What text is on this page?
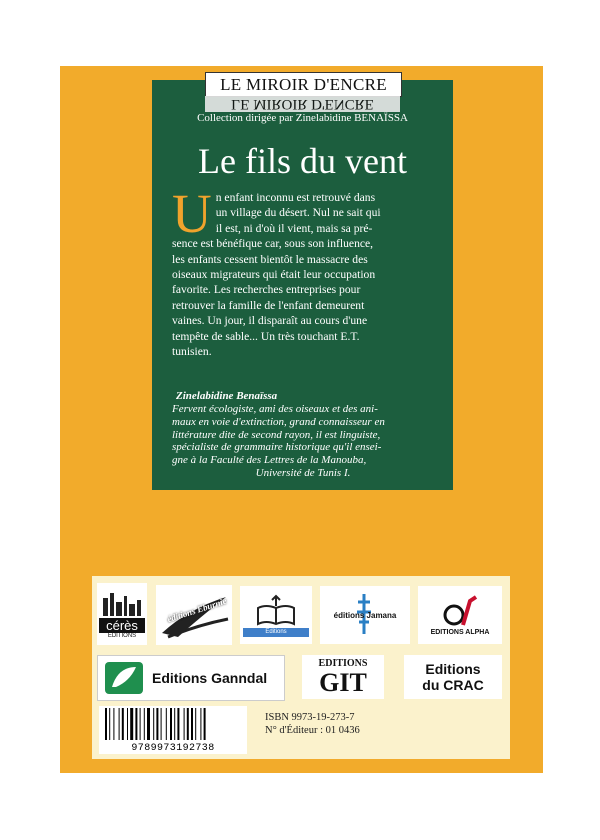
LE MIROIR D'ENCRE
LE MIROIR D'ENCRE
Collection dirigée par Zinelabidine BENAÏSSA
Le fils du vent
U n enfant inconnu est retrouvé dans
un village du désert. Nul ne sait qui
il est, ni d'où il vient, mais sa pré-
sence est bénéfique car, sous son influence,
les enfants cessent bientôt le massacre des
oiseaux migrateurs qui était leur occupation
favorite. Les recherches entreprises pour
retrouver la famille de l'enfant demeurent
vaines. Un jour, il disparaît au cours d'une
tempête de sable... Un très touchant E.T.
tunisien.
Zinelabidine Benaïssa
Fervent écologiste, ami des oiseaux et des ani-
maux en voie d'extinction, grand connaisseur en
littérature dite de second rayon, il est linguiste,
spécialiste de grammaire historique qu'il ensei-
gne à la Faculté des Lettres de la Manouba,
Université de Tunis I.
cérès
EDITIONS
éditions Eburnie
Editions
éditions Jamana
EDITIONS ALPHA
Editions Ganndal
EDITIONS
GIT	Editions
du CRAC
9789973192738
ISBN 9973-19-273-7
N° d'Éditeur : 01 0436
